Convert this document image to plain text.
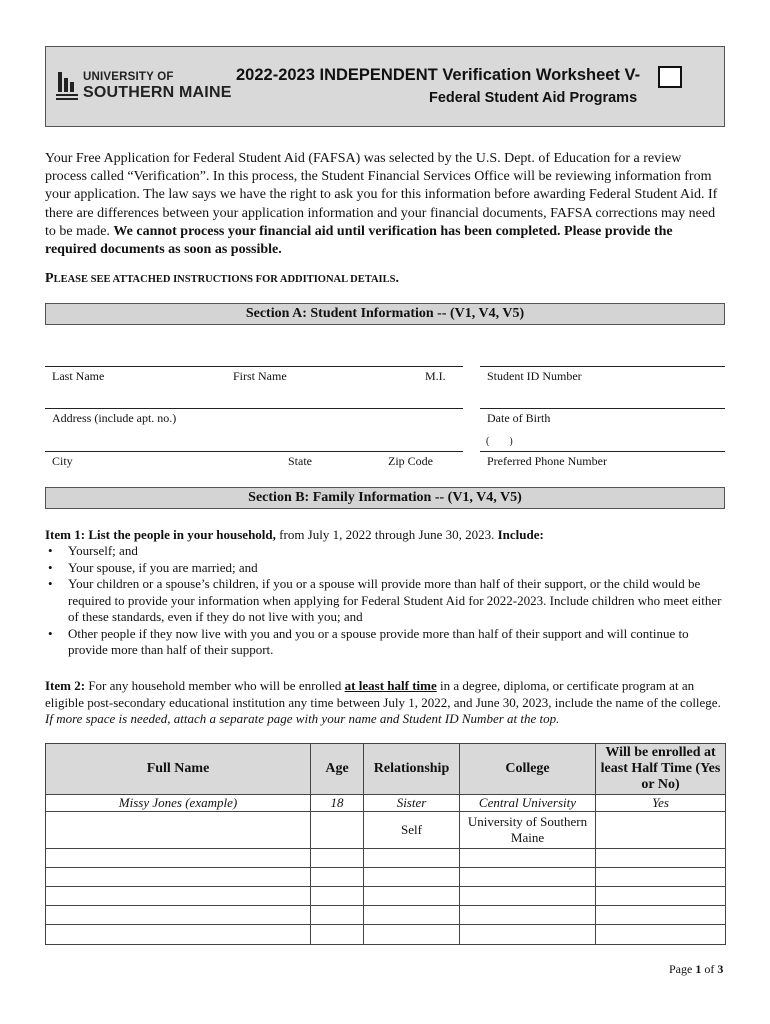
UNIVERSITY OF
SOUTHERN MAINE
2022-2023 INDEPENDENT Verification Worksheet V-
Federal Student Aid Programs
Your Free Application for Federal Student Aid (FAFSA) was selected by the U.S. Dept. of Education for a review process called “Verification”. In this process, the Student Financial Services Office will be reviewing information from your application. The law says we have the right to ask you for this information before awarding Federal Student Aid. If there are differences between your application information and your financial documents, FAFSA corrections may need to be made. We cannot process your financial aid until verification has been completed. Please provide the required documents as soon as possible.
PLEASE SEE ATTACHED INSTRUCTIONS FOR ADDITIONAL DETAILS.
Section A: Student Information -- (V1, V4, V5)
Last Name	First Name	M.I.	Student ID Number
Address (include apt. no.)	Date of Birth
(        )
City	State	Zip Code	Preferred Phone Number
Section B: Family Information -- (V1, V4, V5)
Item 1: List the people in your household, from July 1, 2022 through June 30, 2023. Include:
• Yourself; and
• Your spouse, if you are married; and
• Your children or a spouse’s children, if you or a spouse will provide more than half of their support, or the child would be required to provide your information when applying for Federal Student Aid for 2022-2023. Include children who meet either of these standards, even if they do not live with you; and
• Other people if they now live with you and you or a spouse provide more than half of their support and will continue to provide more than half of their support.
Item 2: For any household member who will be enrolled at least half time in a degree, diploma, or certificate program at an eligible post-secondary educational institution any time between July 1, 2022, and June 30, 2023, include the name of the college. If more space is needed, attach a separate page with your name and Student ID Number at the top.
Full Name	Age	Relationship	College	Will be enrolled at least Half Time (Yes or No)
Missy Jones (example)	18	Sister	Central University	Yes
		Self	University of Southern Maine	

Page 1 of 3
